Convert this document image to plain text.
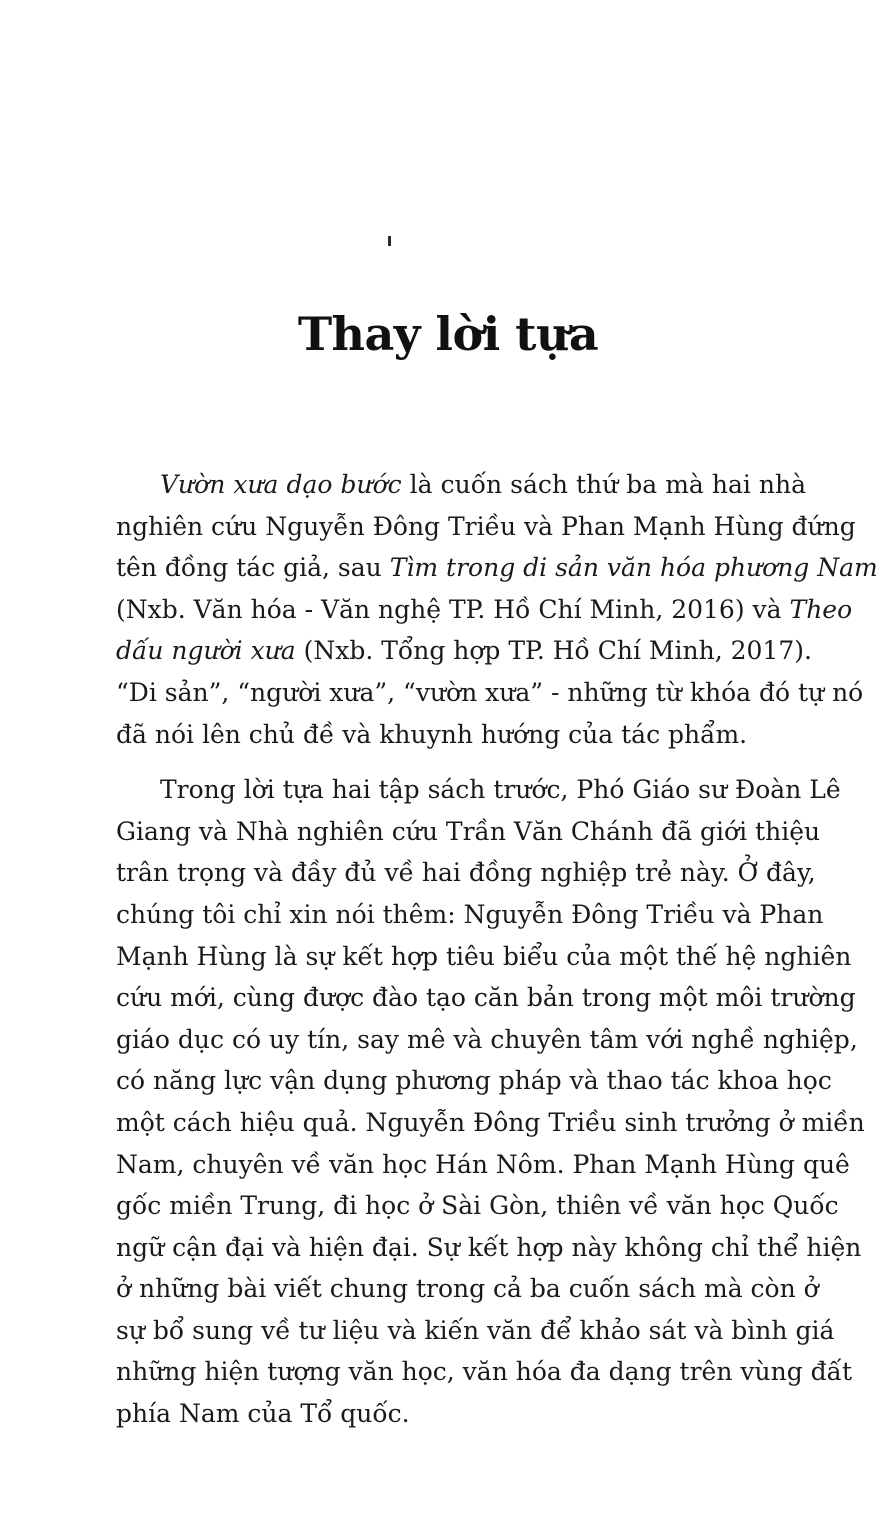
Thay lời tựa
Vườn xưa dạo bước là cuốn sách thứ ba mà hai nhà
nghiên cứu Nguyễn Đông Triều và Phan Mạnh Hùng đứng
tên đồng tác giả, sau Tìm trong di sản văn hóa phương Nam
(Nxb. Văn hóa - Văn nghệ TP. Hồ Chí Minh, 2016) và Theo
dấu người xưa (Nxb. Tổng hợp TP. Hồ Chí Minh, 2017).
“Di sản”, “người xưa”, “vườn xưa” - những từ khóa đó tự nó
đã nói lên chủ đề và khuynh hướng của tác phẩm.
Trong lời tựa hai tập sách trước, Phó Giáo sư Đoàn Lê
Giang và Nhà nghiên cứu Trần Văn Chánh đã giới thiệu
trân trọng và đầy đủ về hai đồng nghiệp trẻ này. Ở đây,
chúng tôi chỉ xin nói thêm: Nguyễn Đông Triều và Phan
Mạnh Hùng là sự kết hợp tiêu biểu của một thế hệ nghiên
cứu mới, cùng được đào tạo căn bản trong một môi trường
giáo dục có uy tín, say mê và chuyên tâm với nghề nghiệp,
có năng lực vận dụng phương pháp và thao tác khoa học
một cách hiệu quả. Nguyễn Đông Triều sinh trưởng ở miền
Nam, chuyên về văn học Hán Nôm. Phan Mạnh Hùng quê
gốc miền Trung, đi học ở Sài Gòn, thiên về văn học Quốc
ngữ cận đại và hiện đại. Sự kết hợp này không chỉ thể hiện
ở những bài viết chung trong cả ba cuốn sách mà còn ở
sự bổ sung về tư liệu và kiến văn để khảo sát và bình giá
những hiện tượng văn học, văn hóa đa dạng trên vùng đất
phía Nam của Tổ quốc.
